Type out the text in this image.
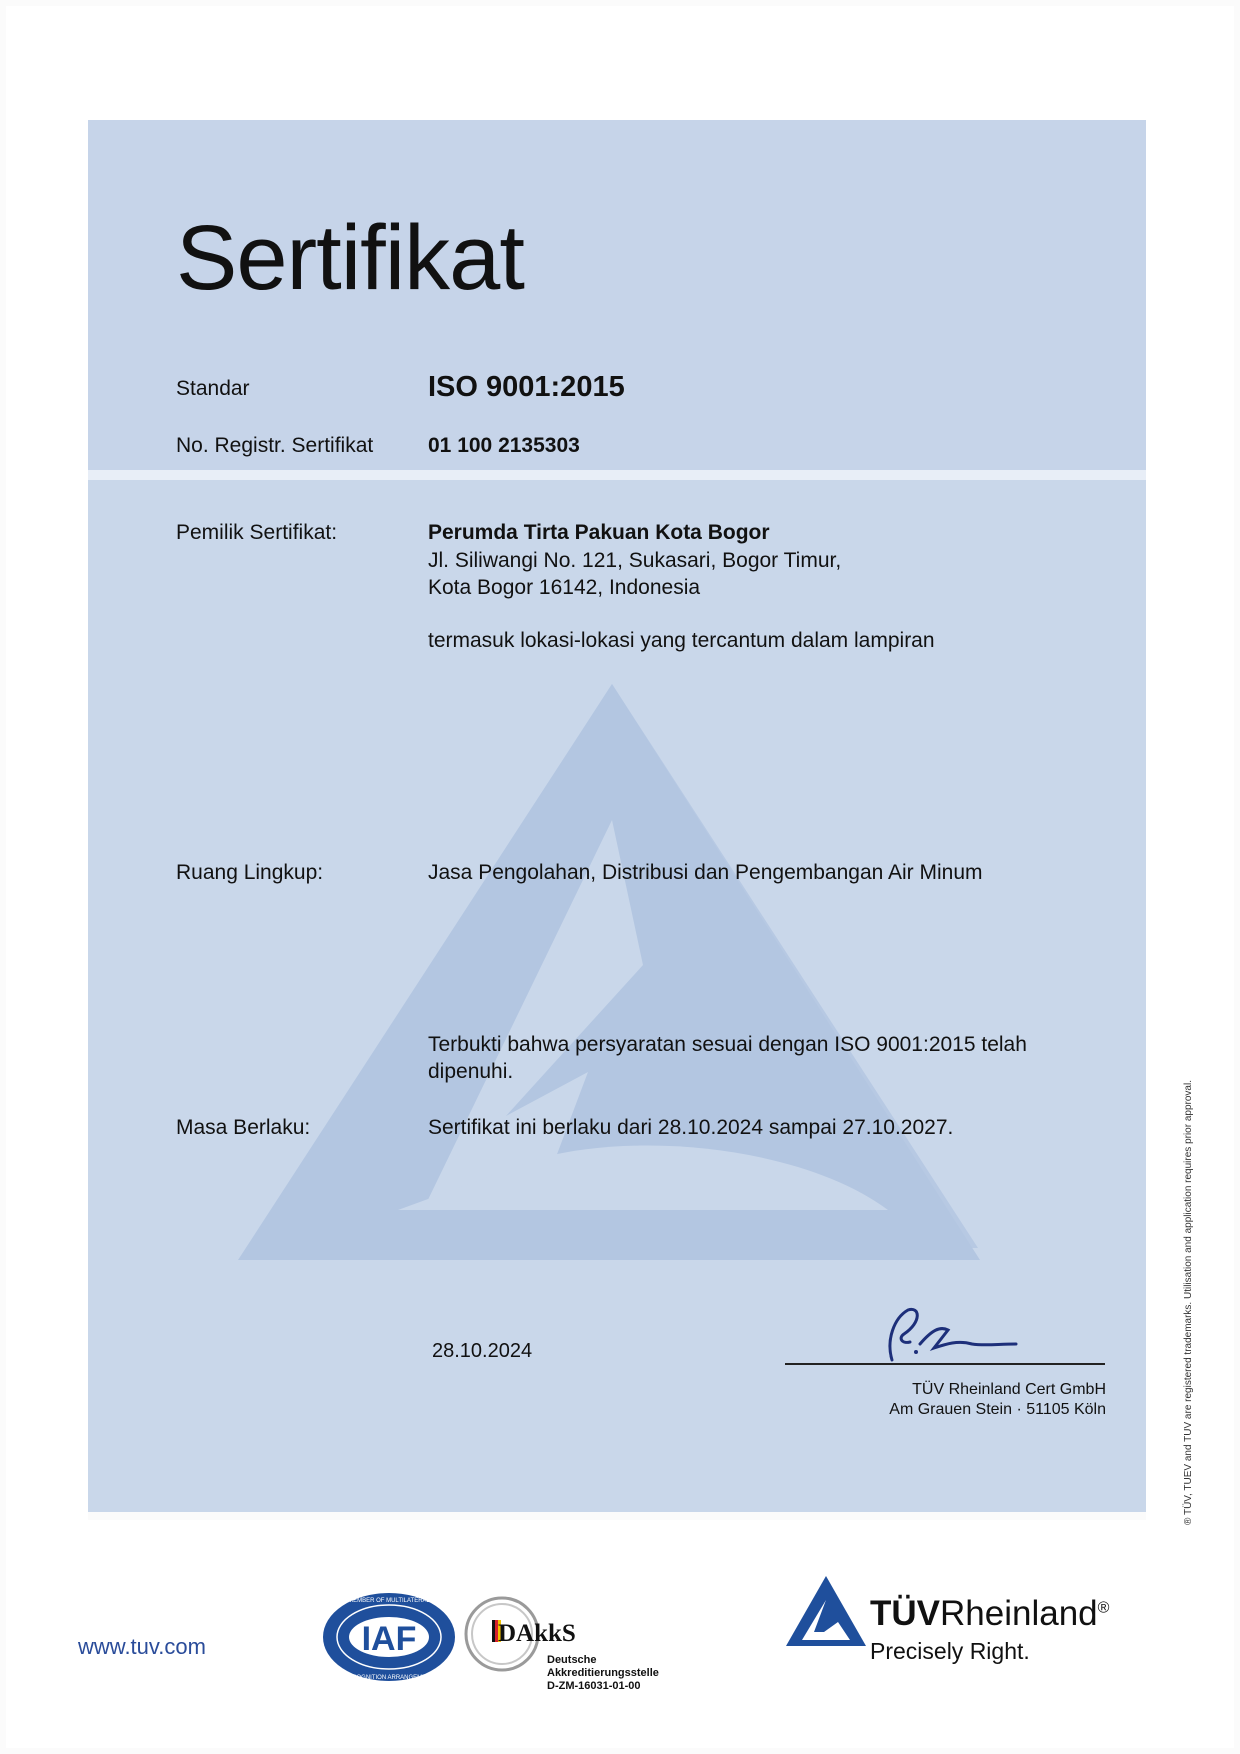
Sertifikat
Standar	ISO 9001:2015
No. Registr. Sertifikat	01 100 2135303
Pemilik Sertifikat:	Perumda Tirta Pakuan Kota Bogor
Jl. Siliwangi No. 121, Sukasari, Bogor Timur,
Kota Bogor 16142, Indonesia
termasuk lokasi-lokasi yang tercantum dalam lampiran
Ruang Lingkup:	Jasa Pengolahan, Distribusi dan Pengembangan Air Minum
Terbukti bahwa persyaratan sesuai dengan ISO 9001:2015 telah
dipenuhi.
Masa Berlaku:	Sertifikat ini berlaku dari 28.10.2024 sampai 27.10.2027.
28.10.2024
TÜV Rheinland Cert GmbH
Am Grauen Stein · 51105 Köln	® TÜV, TUEV and TUV are registered trademarks. Utilisation and application requires prior approval.
www.tuv.com	IAF
MEMBER OF MULTILATERAL
RECOGNITION ARRANGEMENT
DAkkS
Deutsche
Akkreditierungsstelle
D-ZM-16031-01-00
TÜVRheinland®
Precisely Right.
